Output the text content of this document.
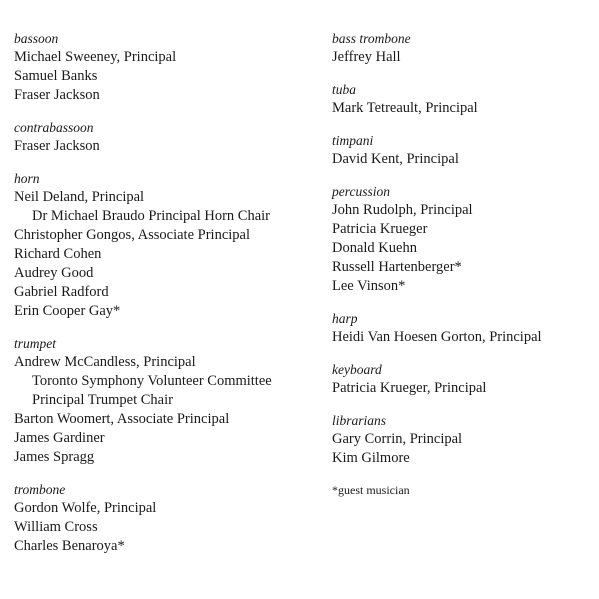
bassoon
Michael Sweeney, Principal
Samuel Banks
Fraser Jackson
contrabassoon
Fraser Jackson
horn
Neil Deland, Principal
Dr Michael Braudo Principal Horn Chair
Christopher Gongos, Associate Principal
Richard Cohen
Audrey Good
Gabriel Radford
Erin Cooper Gay*
trumpet
Andrew McCandless, Principal
Toronto Symphony Volunteer Committee
Principal Trumpet Chair
Barton Woomert, Associate Principal
James Gardiner
James Spragg
trombone
Gordon Wolfe, Principal
William Cross
Charles Benaroya*
bass trombone
Jeffrey Hall
tuba
Mark Tetreault, Principal
timpani
David Kent, Principal
percussion
John Rudolph, Principal
Patricia Krueger
Donald Kuehn
Russell Hartenberger*
Lee Vinson*
harp
Heidi Van Hoesen Gorton, Principal
keyboard
Patricia Krueger, Principal
librarians
Gary Corrin, Principal
Kim Gilmore
*guest musician
